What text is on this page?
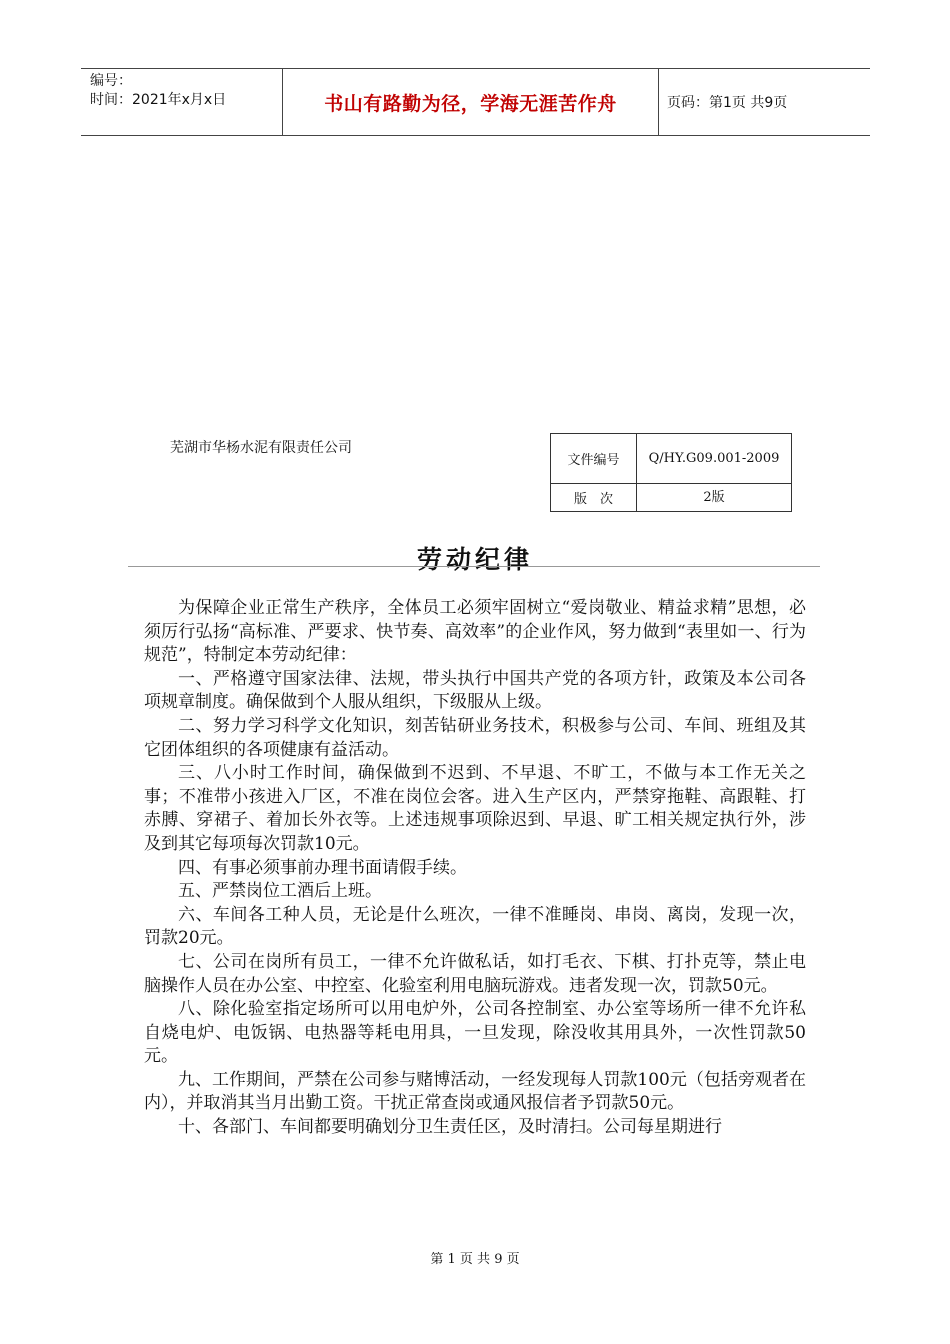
编号：
时间：2021年x月x日	书山有路勤为径，学海无涯苦作舟	页码：第1页 共9页
芜湖市华杨水泥有限责任公司
文件编号	Q/HY.G09.001-2009
版　次	2版
劳动纪律

为保障企业正常生产秩序，全体员工必须牢固树立“爱岗敬业、精益求精”思想，必须厉行弘扬“高标准、严要求、快节奏、高效率”的企业作风，努力做到“表里如一、行为规范”，特制定本劳动纪律：

一、严格遵守国家法律、法规，带头执行中国共产党的各项方针，政策及本公司各项规章制度。确保做到个人服从组织，下级服从上级。

二、努力学习科学文化知识，刻苦钻研业务技术，积极参与公司、车间、班组及其它团体组织的各项健康有益活动。

三、八小时工作时间，确保做到不迟到、不早退、不旷工，不做与本工作无关之事；不准带小孩进入厂区，不准在岗位会客。进入生产区内，严禁穿拖鞋、高跟鞋、打赤膊、穿裙子、着加长外衣等。上述违规事项除迟到、早退、旷工相关规定执行外，涉及到其它每项每次罚款10元。

四、有事必须事前办理书面请假手续。

五、严禁岗位工酒后上班。

六、车间各工种人员，无论是什么班次，一律不准睡岗、串岗、离岗，发现一次，罚款20元。

七、公司在岗所有员工，一律不允许做私话，如打毛衣、下棋、打扑克等，禁止电脑操作人员在办公室、中控室、化验室利用电脑玩游戏。违者发现一次，罚款50元。

八、除化验室指定场所可以用电炉外，公司各控制室、办公室等场所一律不允许私自烧电炉、电饭锅、电热器等耗电用具，一旦发现，除没收其用具外，一次性罚款50元。

九、工作期间，严禁在公司参与赌博活动，一经发现每人罚款100元（包括旁观者在内），并取消其当月出勤工资。干扰正常查岗或通风报信者予罚款50元。

十、各部门、车间都要明确划分卫生责任区，及时清扫。公司每星期进行

第 1 页 共 9 页
